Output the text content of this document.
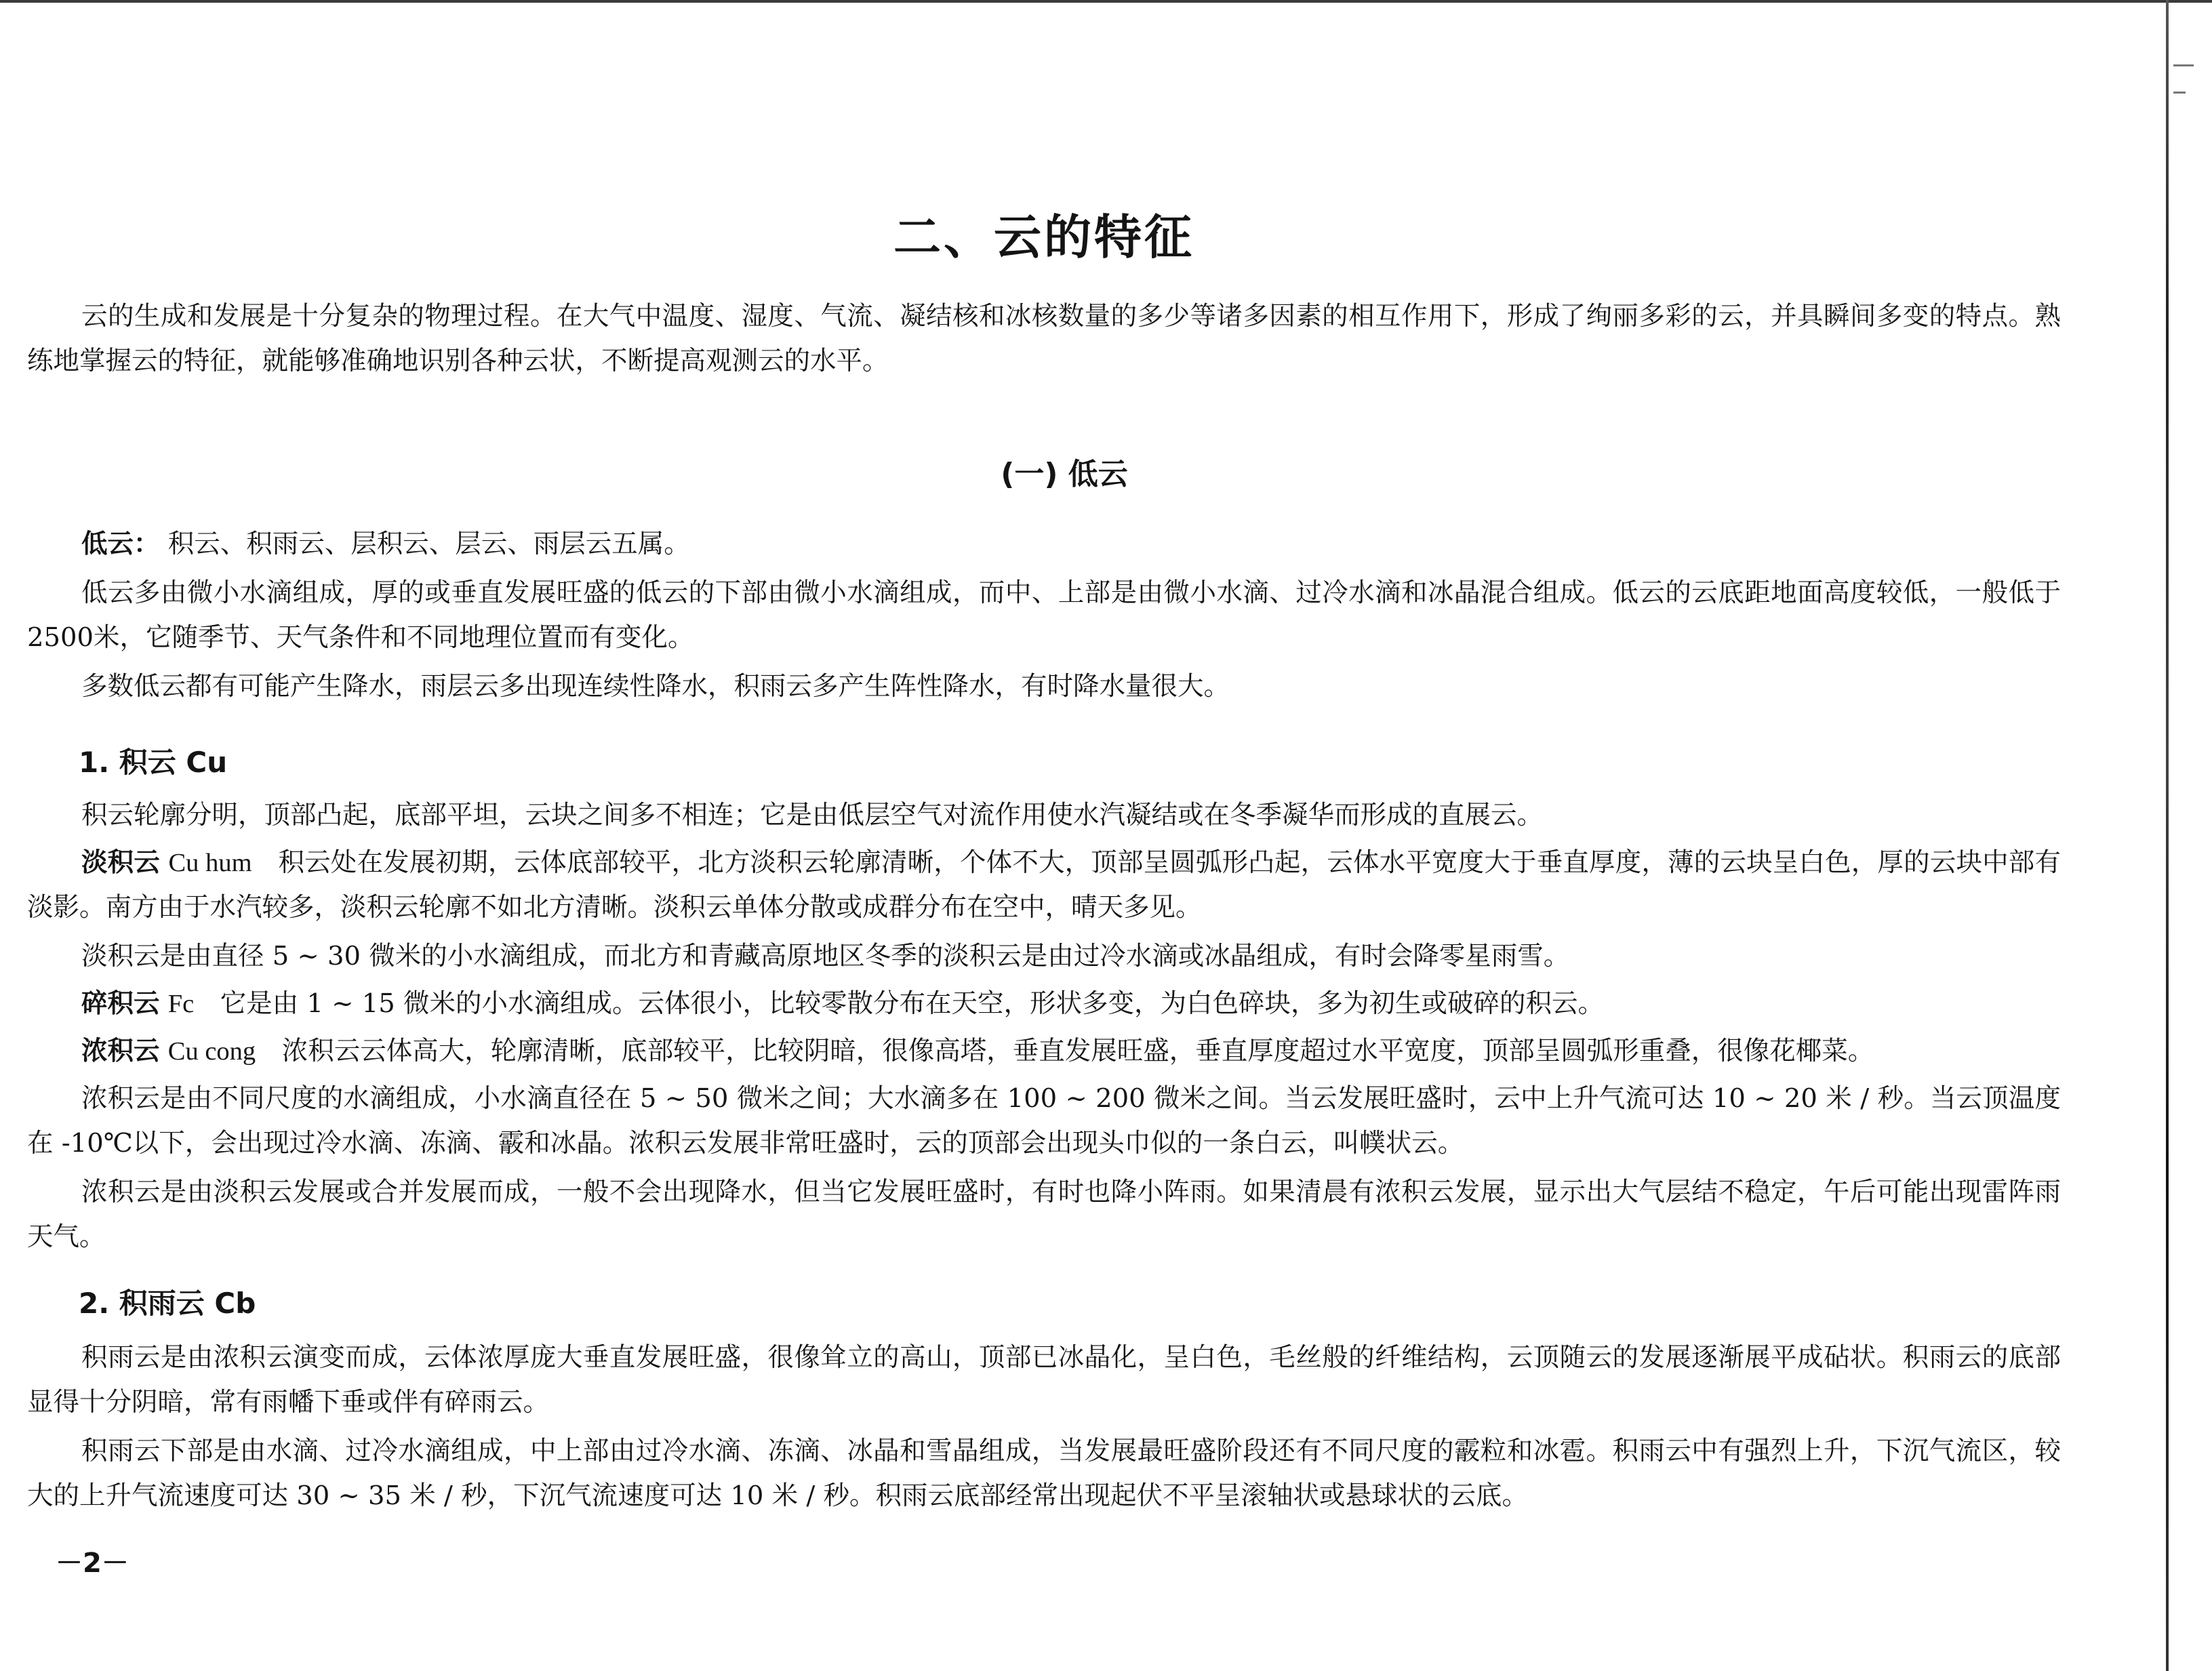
二、云的特征

云的生成和发展是十分复杂的物理过程。在大气中温度、湿度、气流、凝结核和冰核数量的多少等诸多因素的相互作用下，形成了绚丽多彩的云，并具瞬间多变的特点。熟练地掌握云的特征，就能够准确地识别各种云状，不断提高观测云的水平。

(一) 低云

低云： 积云、积雨云、层积云、层云、雨层云五属。

低云多由微小水滴组成，厚的或垂直发展旺盛的低云的下部由微小水滴组成，而中、上部是由微小水滴、过冷水滴和冰晶混合组成。低云的云底距地面高度较低，一般低于2500米，它随季节、天气条件和不同地理位置而有变化。

多数低云都有可能产生降水，雨层云多出现连续性降水，积雨云多产生阵性降水，有时降水量很大。

1. 积云 Cu

积云轮廓分明，顶部凸起，底部平坦，云块之间多不相连；它是由低层空气对流作用使水汽凝结或在冬季凝华而形成的直展云。

淡积云 Cu hum　 积云处在发展初期，云体底部较平，北方淡积云轮廓清晰，个体不大，顶部呈圆弧形凸起，云体水平宽度大于垂直厚度，薄的云块呈白色，厚的云块中部有淡影。南方由于水汽较多，淡积云轮廓不如北方清晰。淡积云单体分散或成群分布在空中，晴天多见。

淡积云是由直径 5 ~ 30 微米的小水滴组成，而北方和青藏高原地区冬季的淡积云是由过冷水滴或冰晶组成，有时会降零星雨雪。

碎积云 Fc　 它是由 1 ~ 15 微米的小水滴组成。云体很小，比较零散分布在天空，形状多变，为白色碎块，多为初生或破碎的积云。

浓积云 Cu cong　 浓积云云体高大，轮廓清晰，底部较平，比较阴暗，很像高塔，垂直发展旺盛，垂直厚度超过水平宽度，顶部呈圆弧形重叠，很像花椰菜。

浓积云是由不同尺度的水滴组成，小水滴直径在 5 ~ 50 微米之间；大水滴多在 100 ~ 200 微米之间。当云发展旺盛时，云中上升气流可达 10 ~ 20 米 / 秒。当云顶温度在 -10℃以下，会出现过冷水滴、冻滴、霰和冰晶。浓积云发展非常旺盛时，云的顶部会出现头巾似的一条白云，叫幞状云。

浓积云是由淡积云发展或合并发展而成，一般不会出现降水，但当它发展旺盛时，有时也降小阵雨。如果清晨有浓积云发展，显示出大气层结不稳定，午后可能出现雷阵雨天气。

2. 积雨云 Cb

积雨云是由浓积云演变而成，云体浓厚庞大垂直发展旺盛，很像耸立的高山，顶部已冰晶化，呈白色，毛丝般的纤维结构，云顶随云的发展逐渐展平成砧状。积雨云的底部显得十分阴暗，常有雨幡下垂或伴有碎雨云。

积雨云下部是由水滴、过冷水滴组成，中上部由过冷水滴、冻滴、冰晶和雪晶组成，当发展最旺盛阶段还有不同尺度的霰粒和冰雹。积雨云中有强烈上升，下沉气流区，较大的上升气流速度可达 30 ~ 35 米 / 秒，下沉气流速度可达 10 米 / 秒。积雨云底部经常出现起伏不平呈滚轴状或悬球状的云底。

－2－
